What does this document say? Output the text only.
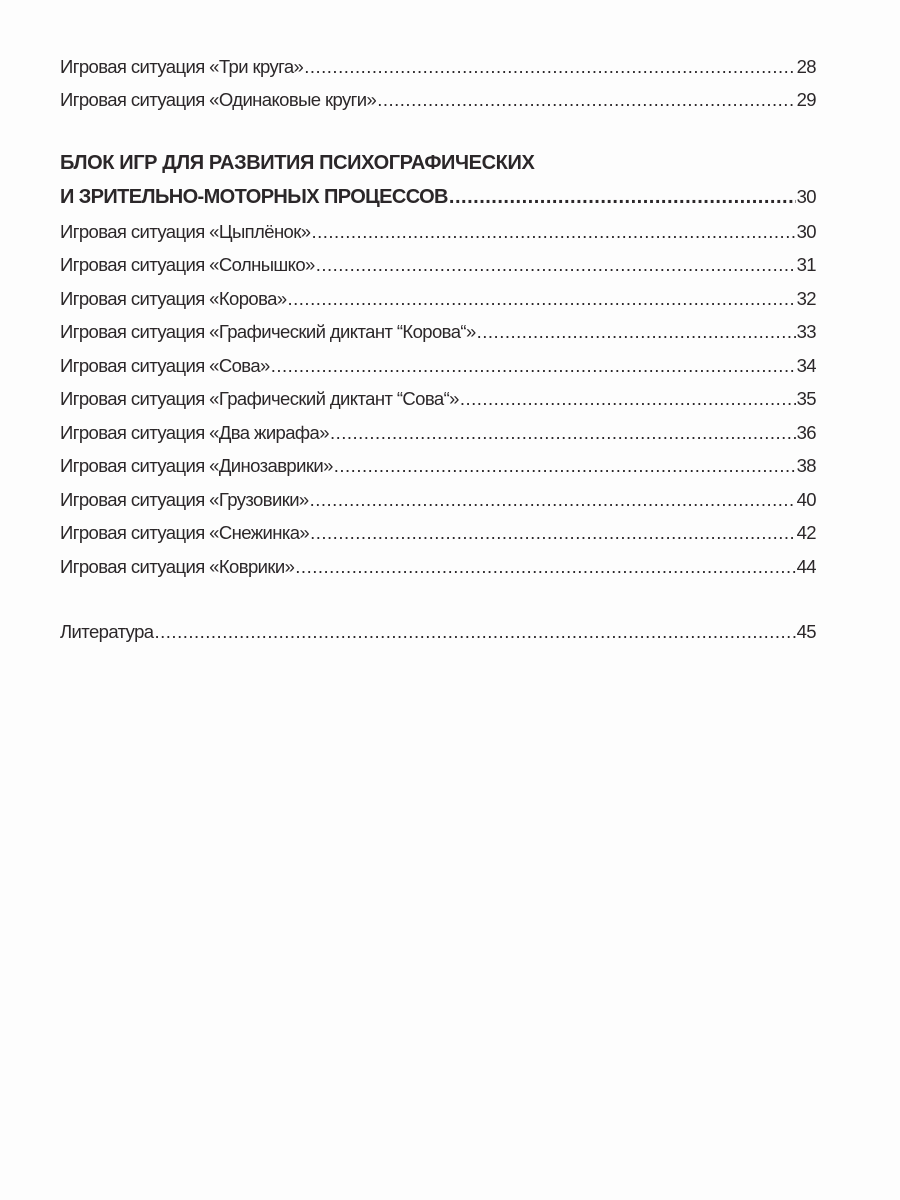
Игровая ситуация «Три круга» .....	28
Игровая ситуация «Одинаковые круги» .....	29
БЛОК ИГР ДЛЯ РАЗВИТИЯ ПСИХОГРАФИЧЕСКИХ
И ЗРИТЕЛЬНО-МОТОРНЫХ ПРОЦЕССОВ .....	30
Игровая ситуация «Цыплёнок» .....	30
Игровая ситуация «Солнышко» .....	31
Игровая ситуация «Корова» .....	32
Игровая ситуация «Графический диктант “Корова“» .....	33
Игровая ситуация «Сова» .....	34
Игровая ситуация «Графический диктант “Сова“» .....	35
Игровая ситуация «Два жирафа» .....	36
Игровая ситуация «Динозаврики» .....	38
Игровая ситуация «Грузовики» .....	40
Игровая ситуация «Снежинка» .....	42
Игровая ситуация «Коврики» .....	44
Литература .....	45
